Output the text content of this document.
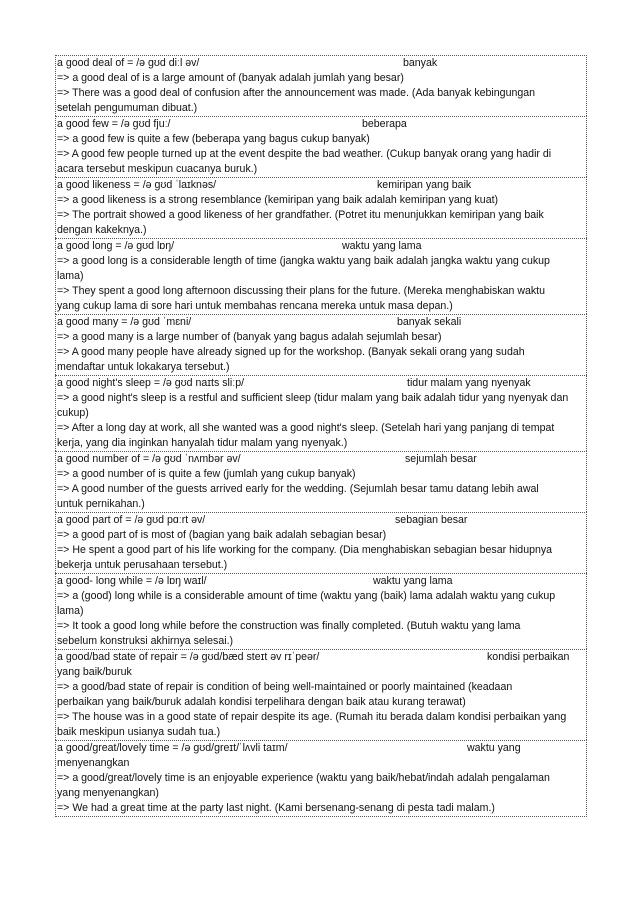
a good deal of = /ə ɡʊd diːl əv/	banyak
=> a good deal of is a large amount of (banyak adalah jumlah yang besar)
=> There was a good deal of confusion after the announcement was made. (Ada banyak kebingungan
setelah pengumuman dibuat.)
a good few = /ə ɡʊd fjuː/	beberapa
=> a good few is quite a few (beberapa yang bagus cukup banyak)
=> A good few people turned up at the event despite the bad weather. (Cukup banyak orang yang hadir di
acara tersebut meskipun cuacanya buruk.)
a good likeness = /ə ɡʊd ˈlaɪknəs/	kemiripan yang baik
=> a good likeness is a strong resemblance (kemiripan yang baik adalah kemiripan yang kuat)
=> The portrait showed a good likeness of her grandfather. (Potret itu menunjukkan kemiripan yang baik
dengan kakeknya.)
a good long = /ə ɡʊd lɒŋ/	waktu yang lama
=> a good long is a considerable length of time (jangka waktu yang baik adalah jangka waktu yang cukup
lama)
=> They spent a good long afternoon discussing their plans for the future. (Mereka menghabiskan waktu
yang cukup lama di sore hari untuk membahas rencana mereka untuk masa depan.)
a good many = /ə ɡʊd ˈmɛni/	banyak sekali
=> a good many is a large number of (banyak yang bagus adalah sejumlah besar)
=> A good many people have already signed up for the workshop. (Banyak sekali orang yang sudah
mendaftar untuk lokakarya tersebut.)
a good night's sleep = /ə ɡʊd naɪts sliːp/	tidur malam yang nyenyak
=> a good night's sleep is a restful and sufficient sleep (tidur malam yang baik adalah tidur yang nyenyak dan
cukup)
=> After a long day at work, all she wanted was a good night's sleep. (Setelah hari yang panjang di tempat
kerja, yang dia inginkan hanyalah tidur malam yang nyenyak.)
a good number of = /ə ɡʊd ˈnʌmbər əv/	sejumlah besar
=> a good number of is quite a few (jumlah yang cukup banyak)
=> A good number of the guests arrived early for the wedding. (Sejumlah besar tamu datang lebih awal
untuk pernikahan.)
a good part of = /ə ɡʊd pɑːrt əv/	sebagian besar
=> a good part of is most of (bagian yang baik adalah sebagian besar)
=> He spent a good part of his life working for the company. (Dia menghabiskan sebagian besar hidupnya
bekerja untuk perusahaan tersebut.)
a good- long while = /ə lɒŋ waɪl/	waktu yang lama
=> a (good) long while is a considerable amount of time (waktu yang (baik) lama adalah waktu yang cukup
lama)
=> It took a good long while before the construction was finally completed. (Butuh waktu yang lama
sebelum konstruksi akhirnya selesai.)
a good/bad state of repair = /ə ɡʊd/bæd steɪt əv rɪˈpeər/	kondisi perbaikan
yang baik/buruk
=> a good/bad state of repair is condition of being well-maintained or poorly maintained (keadaan
perbaikan yang baik/buruk adalah kondisi terpelihara dengan baik atau kurang terawat)
=> The house was in a good state of repair despite its age. (Rumah itu berada dalam kondisi perbaikan yang
baik meskipun usianya sudah tua.)
a good/great/lovely time = /ə ɡʊd/ɡreɪt/ˈlʌvli taɪm/	waktu yang
menyenangkan
=> a good/great/lovely time is an enjoyable experience (waktu yang baik/hebat/indah adalah pengalaman
yang menyenangkan)
=> We had a great time at the party last night. (Kami bersenang-senang di pesta tadi malam.)
